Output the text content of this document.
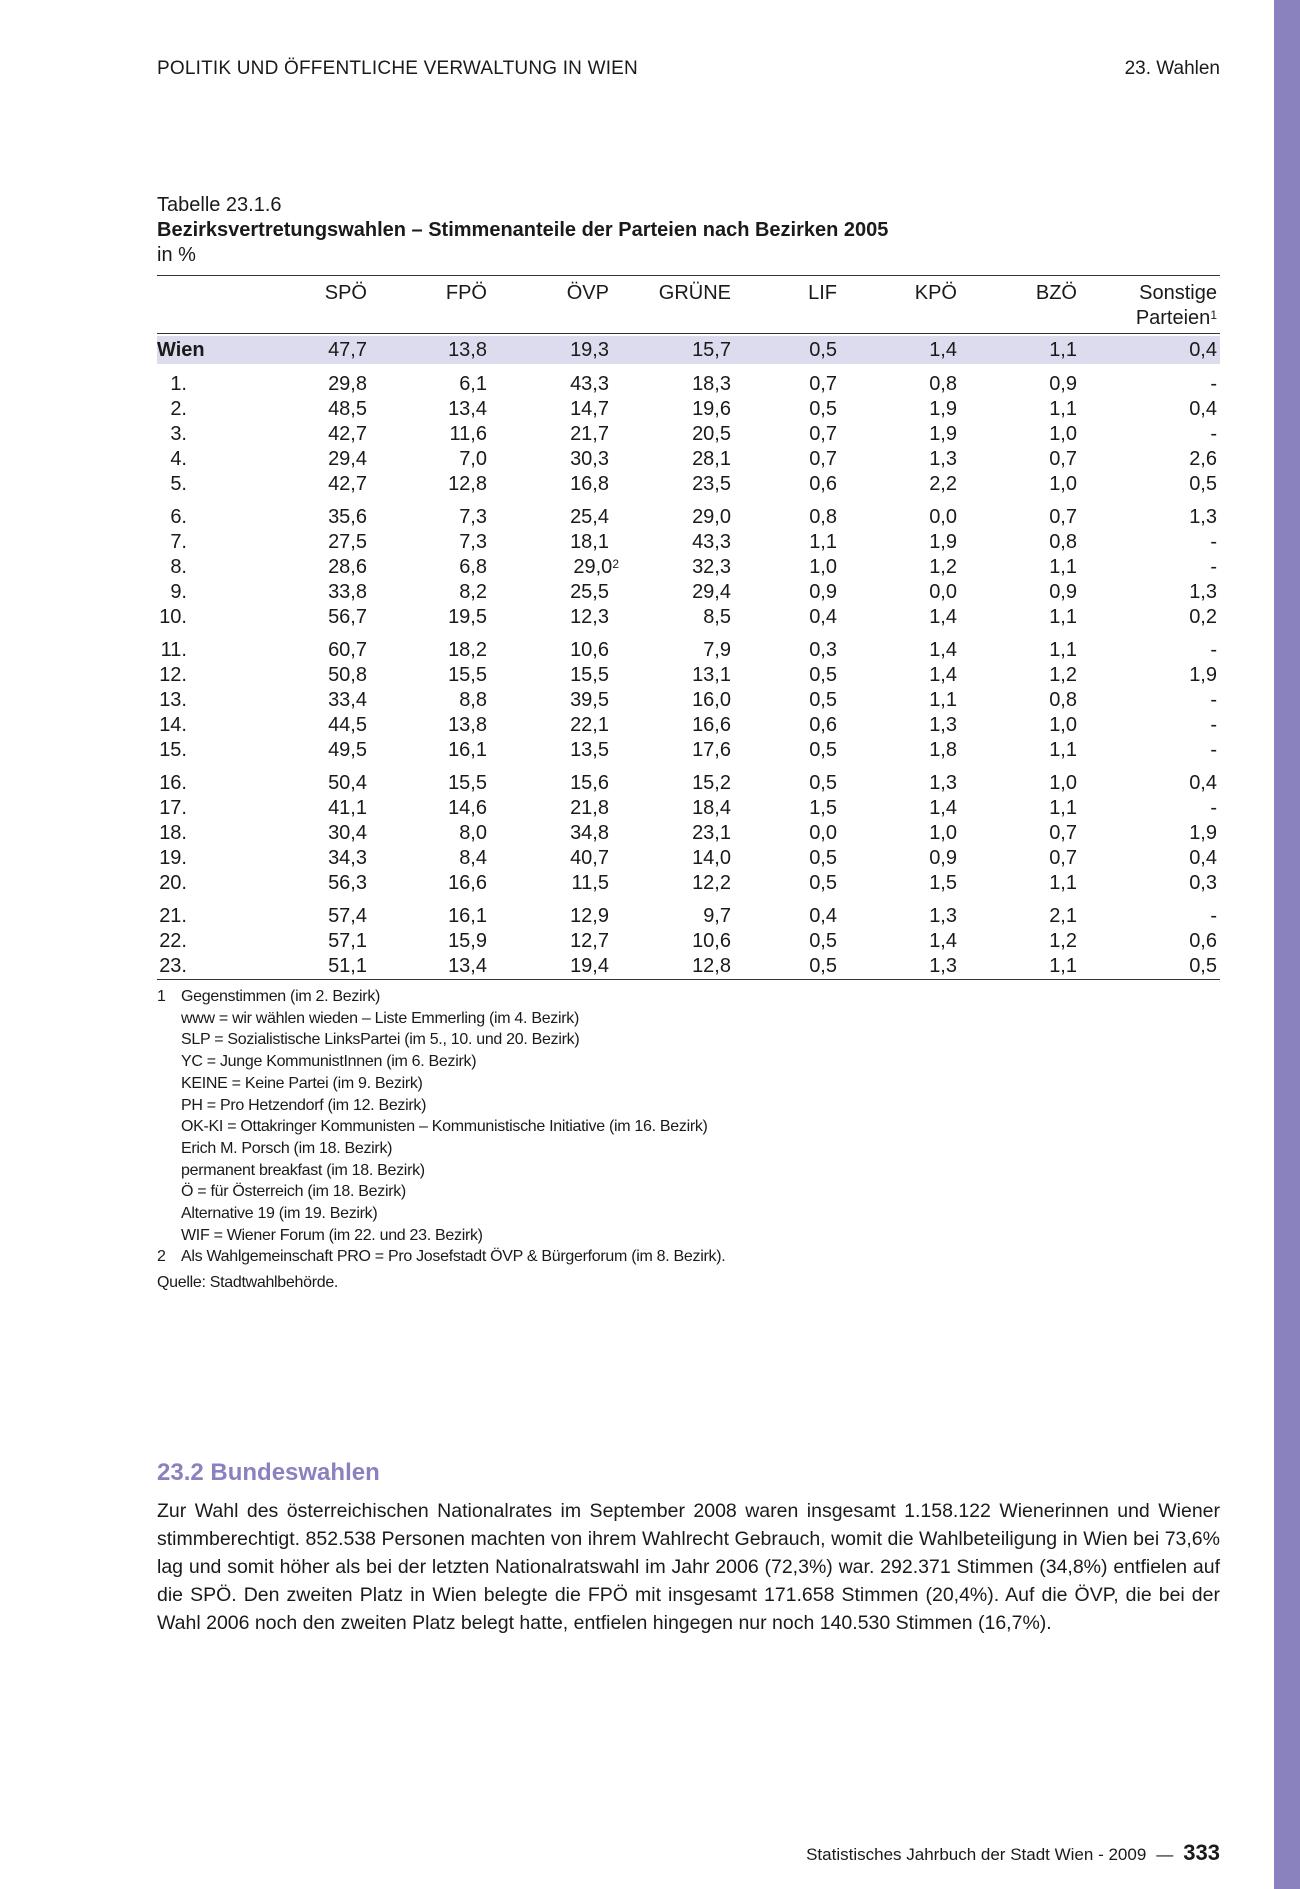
POLITIK UND ÖFFENTLICHE VERWALTUNG IN WIEN	23. Wahlen
Tabelle 23.1.6
Bezirksvertretungswahlen – Stimmenanteile der Parteien nach Bezirken 2005
in %
SPÖ	FPÖ	ÖVP	GRÜNE	LIF	KPÖ	BZÖ	Sonstige
Parteien$^1$
Wien	47,7	13,8	19,3	15,7	0,5	1,4	1,1	0,4
1.	29,8	6,1	43,3	18,3	0,7	0,8	0,9	-
2.	48,5	13,4	14,7	19,6	0,5	1,9	1,1	0,4
3.	42,7	11,6	21,7	20,5	0,7	1,9	1,0	-
4.	29,4	7,0	30,3	28,1	0,7	1,3	0,7	2,6
5.	42,7	12,8	16,8	23,5	0,6	2,2	1,0	0,5
6.	35,6	7,3	25,4	29,0	0,8	0,0	0,7	1,3
7.	27,5	7,3	18,1	43,3	1,1	1,9	0,8	-
8.	28,6	6,8	29,0$^2$	32,3	1,0	1,2	1,1	-
9.	33,8	8,2	25,5	29,4	0,9	0,0	0,9	1,3
10.	56,7	19,5	12,3	8,5	0,4	1,4	1,1	0,2
11.	60,7	18,2	10,6	7,9	0,3	1,4	1,1	-
12.	50,8	15,5	15,5	13,1	0,5	1,4	1,2	1,9
13.	33,4	8,8	39,5	16,0	0,5	1,1	0,8	-
14.	44,5	13,8	22,1	16,6	0,6	1,3	1,0	-
15.	49,5	16,1	13,5	17,6	0,5	1,8	1,1	-
16.	50,4	15,5	15,6	15,2	0,5	1,3	1,0	0,4
17.	41,1	14,6	21,8	18,4	1,5	1,4	1,1	-
18.	30,4	8,0	34,8	23,1	0,0	1,0	0,7	1,9
19.	34,3	8,4	40,7	14,0	0,5	0,9	0,7	0,4
20.	56,3	16,6	11,5	12,2	0,5	1,5	1,1	0,3
21.	57,4	16,1	12,9	9,7	0,4	1,3	2,1	-
22.	57,1	15,9	12,7	10,6	0,5	1,4	1,2	0,6
23.	51,1	13,4	19,4	12,8	0,5	1,3	1,1	0,5
1 Gegenstimmen (im 2. Bezirk)
www = wir wählen wieden – Liste Emmerling (im 4. Bezirk)
SLP = Sozialistische LinksPartei (im 5., 10. und 20. Bezirk)
YC = Junge KommunistInnen (im 6. Bezirk)
KEINE = Keine Partei (im 9. Bezirk)
PH = Pro Hetzendorf (im 12. Bezirk)
OK-KI = Ottakringer Kommunisten – Kommunistische Initiative (im 16. Bezirk)
Erich M. Porsch (im 18. Bezirk)
permanent breakfast (im 18. Bezirk)
Ö = für Österreich (im 18. Bezirk)
Alternative 19 (im 19. Bezirk)
WIF = Wiener Forum (im 22. und 23. Bezirk)
2 Als Wahlgemeinschaft PRO = Pro Josefstadt ÖVP & Bürgerforum (im 8. Bezirk).
Quelle: Stadtwahlbehörde.
23.2 Bundeswahlen
Zur Wahl des österreichischen Nationalrates im September 2008 waren insgesamt 1.158.122 Wienerinnen und Wiener stimmberechtigt. 852.538 Personen machten von ihrem Wahlrecht Gebrauch, womit die Wahlbeteiligung in Wien bei 73,6% lag und somit höher als bei der letzten Nationalratswahl im Jahr 2006 (72,3%) war. 292.371 Stimmen (34,8%) entfielen auf die SPÖ. Den zweiten Platz in Wien belegte die FPÖ mit insgesamt 171.658 Stimmen (20,4%). Auf die ÖVP, die bei der Wahl 2006 noch den zweiten Platz belegt hatte, entfielen hingegen nur noch 140.530 Stimmen (16,7%).
Statistisches Jahrbuch der Stadt Wien - 2009 — 333
